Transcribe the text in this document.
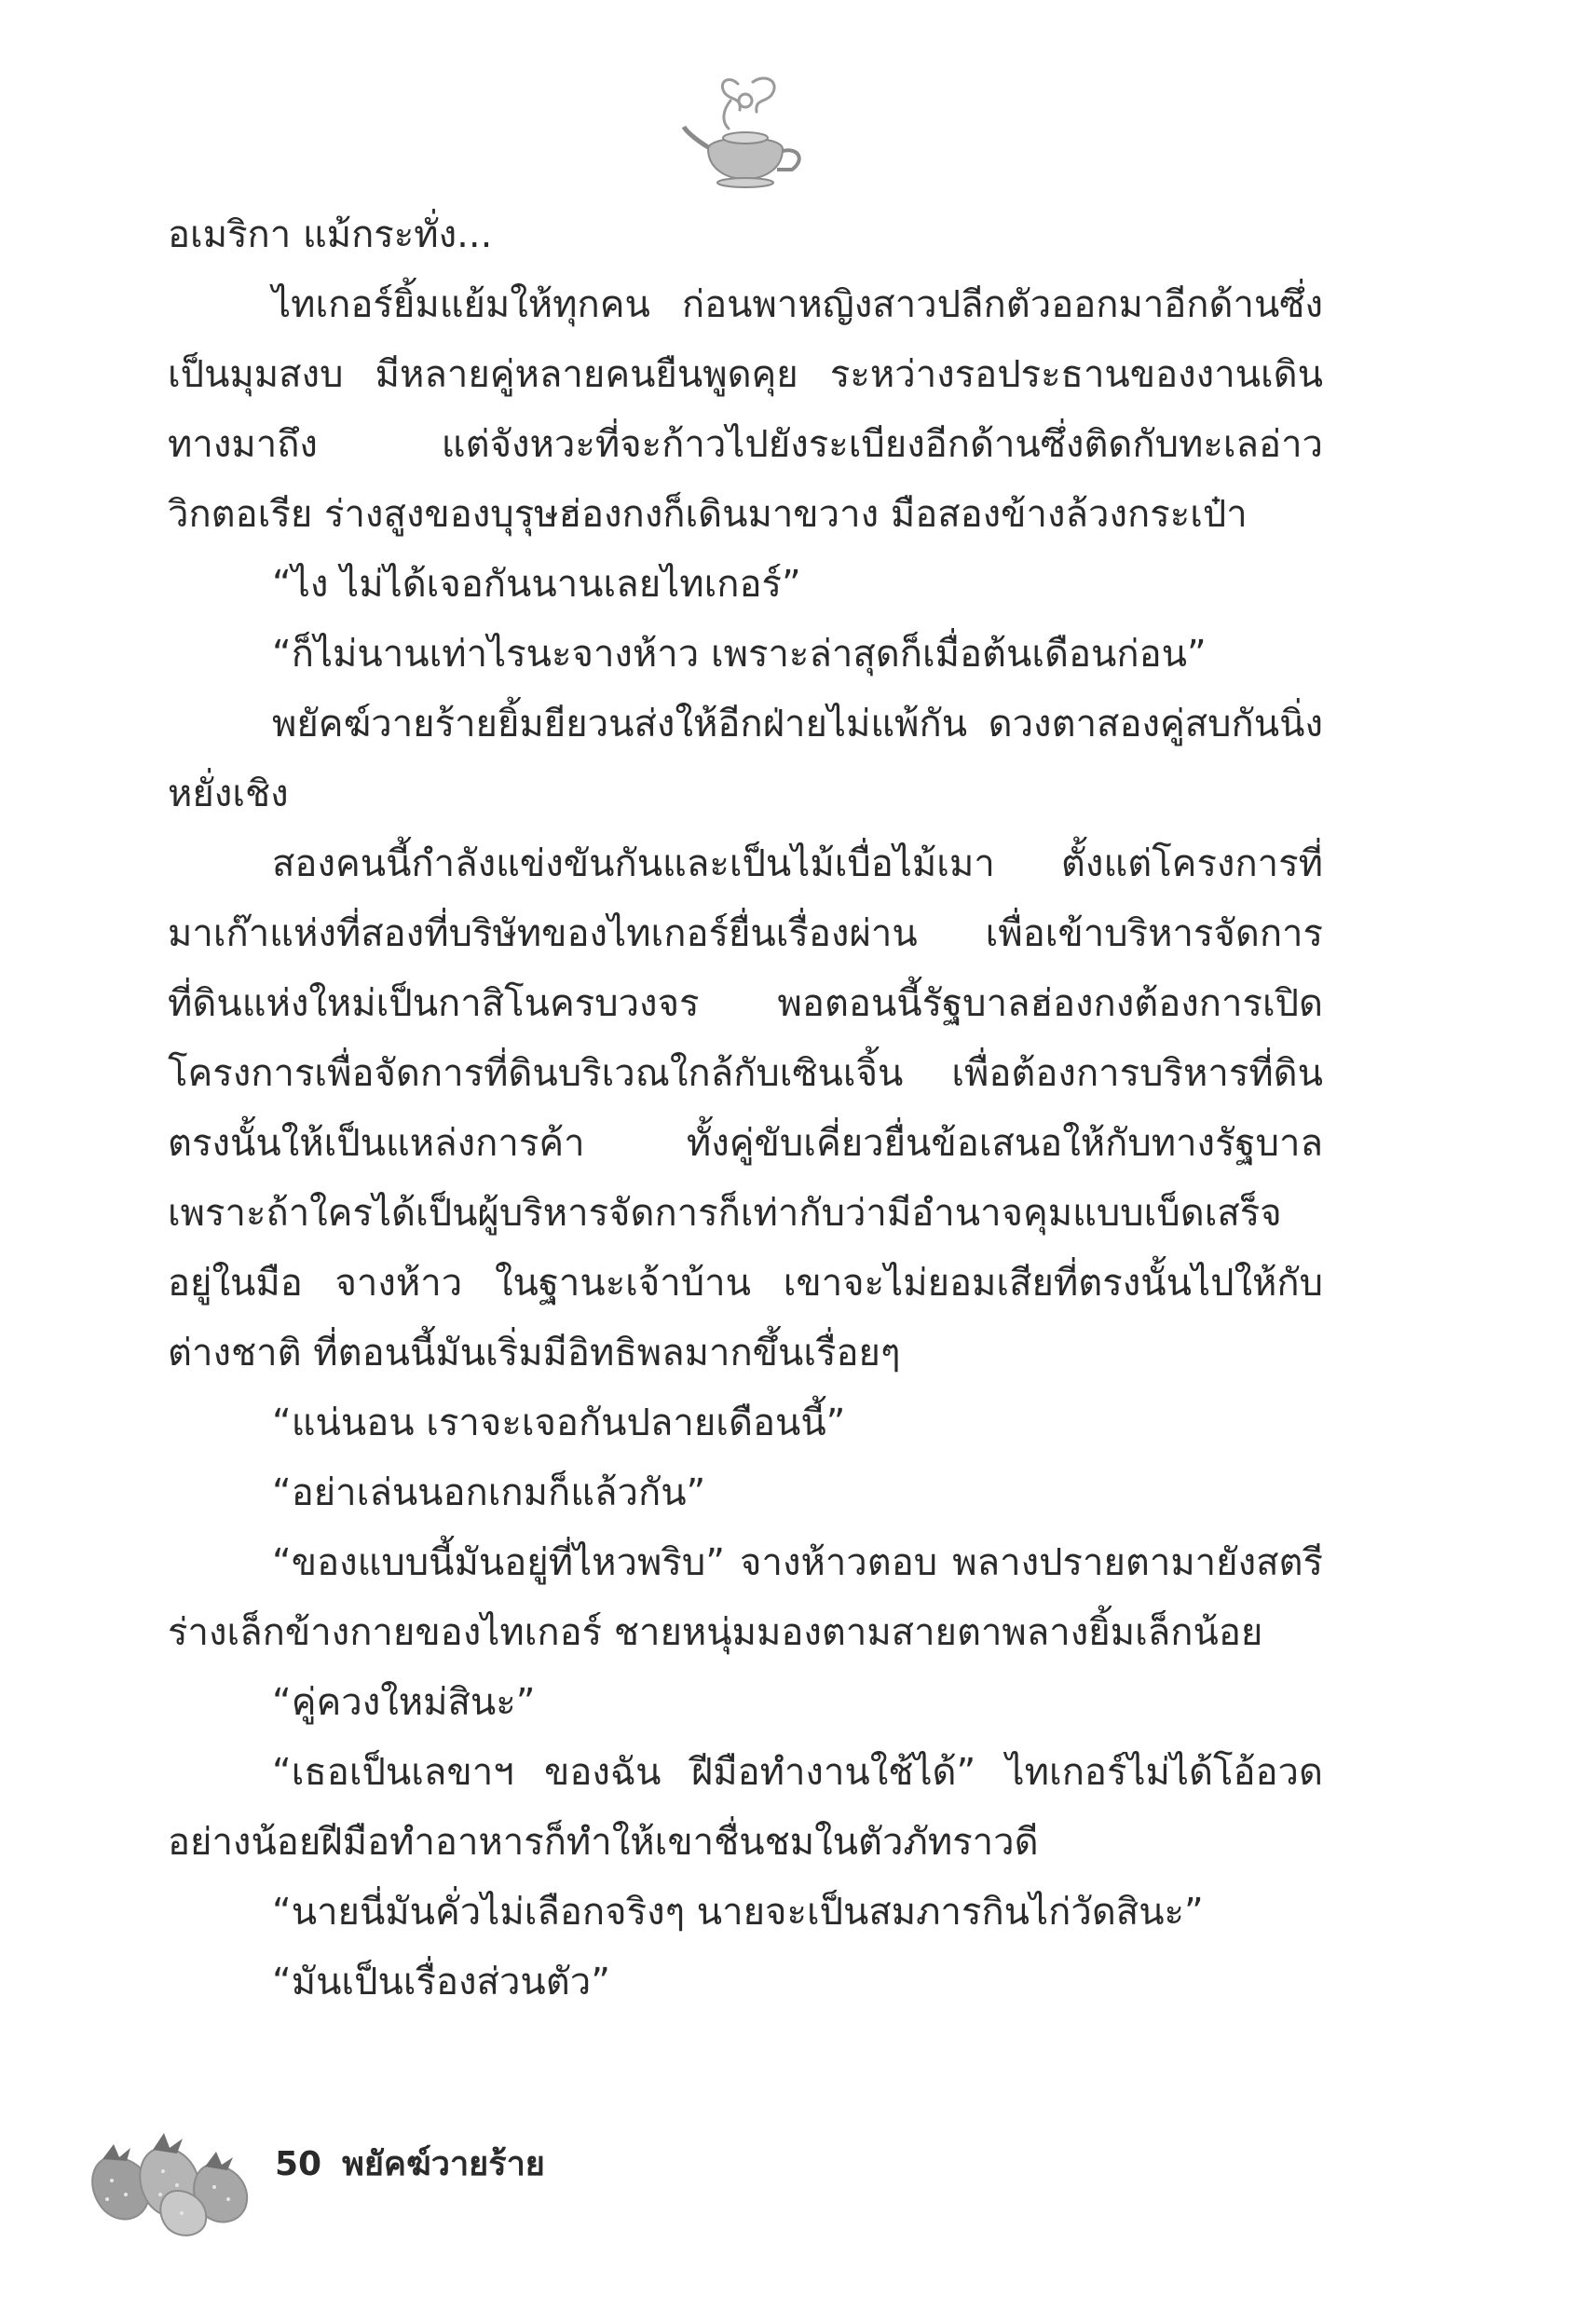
อเมริกา แม้กระทั่ง...

ไทเกอร์ยิ้มแย้มให้ทุกคน ก่อนพาหญิงสาวปลีกตัวออกมาอีกด้านซึ่งเป็นมุมสงบ มีหลายคู่หลายคนยืนพูดคุย ระหว่างรอประธานของงานเดินทางมาถึง แต่จังหวะที่จะก้าวไปยังระเบียงอีกด้านซึ่งติดกับทะเลอ่าววิกตอเรีย ร่างสูงของบุรุษฮ่องกงก็เดินมาขวาง มือสองข้างล้วงกระเป๋า

“ไง ไม่ได้เจอกันนานเลยไทเกอร์”

“ก็ไม่นานเท่าไรนะจางห้าว เพราะล่าสุดก็เมื่อต้นเดือนก่อน”

พยัคฆ์วายร้ายยิ้มยียวนส่งให้อีกฝ่ายไม่แพ้กัน ดวงตาสองคู่สบกันนิ่งหยั่งเชิง

สองคนนี้กำลังแข่งขันกันและเป็นไม้เบื่อไม้เมา ตั้งแต่โครงการที่มาเก๊าแห่งที่สองที่บริษัทของไทเกอร์ยื่นเรื่องผ่าน เพื่อเข้าบริหารจัดการที่ดินแห่งใหม่เป็นกาสิโนครบวงจร พอตอนนี้รัฐบาลฮ่องกงต้องการเปิดโครงการเพื่อจัดการที่ดินบริเวณใกล้กับเซินเจิ้น เพื่อต้องการบริหารที่ดินตรงนั้นให้เป็นแหล่งการค้า ทั้งคู่ขับเคี่ยวยื่นข้อเสนอให้กับทางรัฐบาลเพราะถ้าใครได้เป็นผู้บริหารจัดการก็เท่ากับว่ามีอำนาจคุมแบบเบ็ดเสร็จอยู่ในมือ จางห้าว ในฐานะเจ้าบ้าน เขาจะไม่ยอมเสียที่ตรงนั้นไปให้กับต่างชาติ ที่ตอนนี้มันเริ่มมีอิทธิพลมากขึ้นเรื่อยๆ

“แน่นอน เราจะเจอกันปลายเดือนนี้”

“อย่าเล่นนอกเกมก็แล้วกัน”

“ของแบบนี้มันอยู่ที่ไหวพริบ” จางห้าวตอบ พลางปรายตามายังสตรีร่างเล็กข้างกายของไทเกอร์ ชายหนุ่มมองตามสายตาพลางยิ้มเล็กน้อย

“คู่ควงใหม่สินะ”

“เธอเป็นเลขาฯ ของฉัน ฝีมือทำงานใช้ได้” ไทเกอร์ไม่ได้โอ้อวดอย่างน้อยฝีมือทำอาหารก็ทำให้เขาชื่นชมในตัวภัทราวดี

“นายนี่มันคั่วไม่เลือกจริงๆ นายจะเป็นสมภารกินไก่วัดสินะ”

“มันเป็นเรื่องส่วนตัว”

50 พยัคฆ์วายร้าย
